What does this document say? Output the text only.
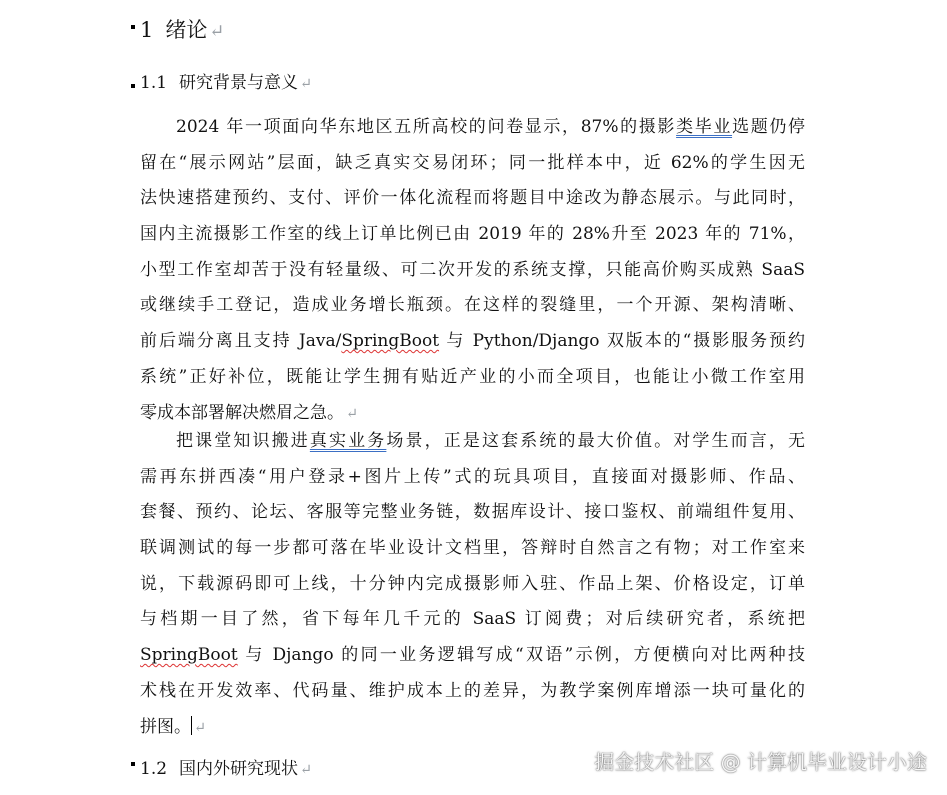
1 绪论 ↵
1.1 研究背景与意义 ↵
2024 年一项面向华东地区五所高校的问卷显示，87%的摄影类毕业选题仍停
留在“展示网站”层面，缺乏真实交易闭环；同一批样本中，近 62%的学生因无
法快速搭建预约、支付、评价一体化流程而将题目中途改为静态展示。与此同时，
国内主流摄影工作室的线上订单比例已由 2019 年的 28%升至 2023 年的 71%，
小型工作室却苦于没有轻量级、可二次开发的系统支撑，只能高价购买成熟 SaaS
或继续手工登记，造成业务增长瓶颈。在这样的裂缝里，一个开源、架构清晰、
前后端分离且支持 Java/SpringBoot 与 Python/Django 双版本的“摄影服务预约
系统”正好补位，既能让学生拥有贴近产业的小而全项目，也能让小微工作室用
零成本部署解决燃眉之急。 ↵
把课堂知识搬进真实业务场景，正是这套系统的最大价值。对学生而言，无
需再东拼西凑“用户登录+图片上传”式的玩具项目，直接面对摄影师、作品、
套餐、预约、论坛、客服等完整业务链，数据库设计、接口鉴权、前端组件复用、
联调测试的每一步都可落在毕业设计文档里，答辩时自然言之有物；对工作室来
说，下载源码即可上线，十分钟内完成摄影师入驻、作品上架、价格设定，订单
与档期一目了然，省下每年几千元的 SaaS 订阅费；对后续研究者，系统把
SpringBoot 与 Django 的同一业务逻辑写成“双语”示例，方便横向对比两种技
术栈在开发效率、代码量、维护成本上的差异，为教学案例库增添一块可量化的
拼图。 ↵
1.2 国内外研究现状 ↵	掘金技术社区 @ 计算机毕业设计小途
